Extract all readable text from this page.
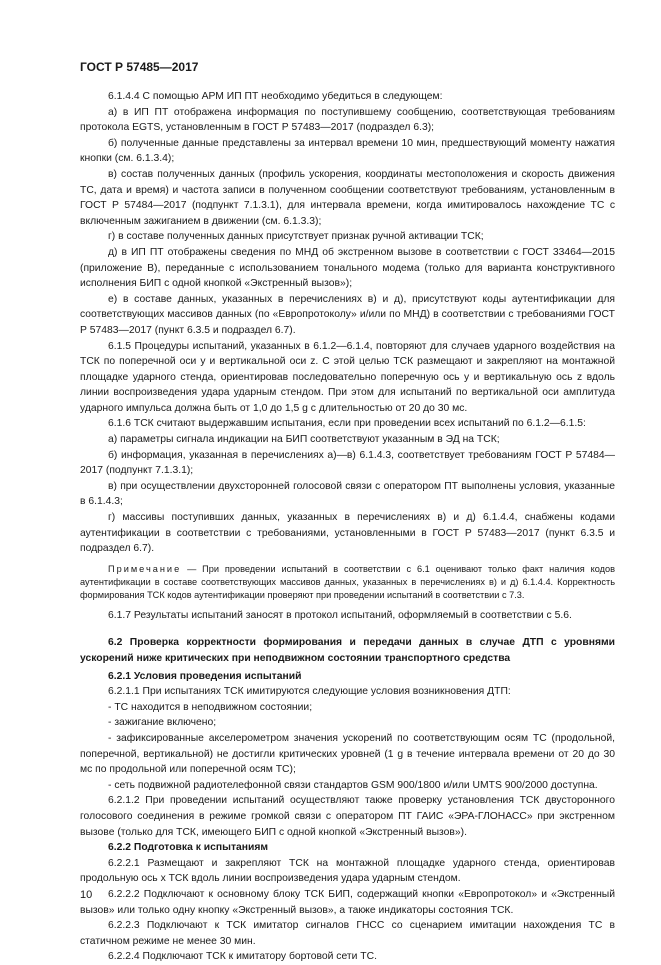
ГОСТ Р 57485—2017

6.1.4.4 С помощью АРМ ИП ПТ необходимо убедиться в следующем:

а) в ИП ПТ отображена информация по поступившему сообщению, соответствующая требованиям протокола EGTS, установленным в ГОСТ Р 57483—2017 (подраздел 6.3);

б) полученные данные представлены за интервал времени 10 мин, предшествующий моменту нажатия кнопки (см. 6.1.3.4);

в) состав полученных данных (профиль ускорения, координаты местоположения и скорость движения ТС, дата и время) и частота записи в полученном сообщении соответствуют требованиям, установленным в ГОСТ Р 57484—2017 (подпункт 7.1.3.1), для интервала времени, когда имитировалось нахождение ТС с включенным зажиганием в движении (см. 6.1.3.3);

г) в составе полученных данных присутствует признак ручной активации ТСК;

д) в ИП ПТ отображены сведения по МНД об экстренном вызове в соответствии с ГОСТ 33464—2015 (приложение В), переданные с использованием тонального модема (только для варианта конструктивного исполнения БИП с одной кнопкой «Экстренный вызов»);

е) в составе данных, указанных в перечислениях в) и д), присутствуют коды аутентификации для соответствующих массивов данных (по «Европротоколу» и/или по МНД) в соответствии с требованиями ГОСТ Р 57483—2017 (пункт 6.3.5 и подраздел 6.7).

6.1.5 Процедуры испытаний, указанных в 6.1.2—6.1.4, повторяют для случаев ударного воздействия на ТСК по поперечной оси y и вертикальной оси z. С этой целью ТСК размещают и закрепляют на монтажной площадке ударного стенда, ориентировав последовательно поперечную ось y и вертикальную ось z вдоль линии воспроизведения удара ударным стендом. При этом для испытаний по вертикальной оси амплитуда ударного импульса должна быть от 1,0 до 1,5 g с длительностью от 20 до 30 мс.

6.1.6 ТСК считают выдержавшим испытания, если при проведении всех испытаний по 6.1.2—6.1.5:

а) параметры сигнала индикации на БИП соответствуют указанным в ЭД на ТСК;

б) информация, указанная в перечислениях а)—в) 6.1.4.3, соответствует требованиям ГОСТ Р 57484—2017 (подпункт 7.1.3.1);

в) при осуществлении двухсторонней голосовой связи с оператором ПТ выполнены условия, указанные в 6.1.4.3;

г) массивы поступивших данных, указанных в перечислениях в) и д) 6.1.4.4, снабжены кодами аутентификации в соответствии с требованиями, установленными в ГОСТ Р 57483—2017 (пункт 6.3.5 и подраздел 6.7).

Примечание — При проведении испытаний в соответствии с 6.1 оценивают только факт наличия кодов аутентификации в составе соответствующих массивов данных, указанных в перечислениях в) и д) 6.1.4.4. Корректность формирования ТСК кодов аутентификации проверяют при проведении испытаний в соответствии с 7.3.

6.1.7 Результаты испытаний заносят в протокол испытаний, оформляемый в соответствии с 5.6.

6.2 Проверка корректности формирования и передачи данных в случае ДТП с уровнями ускорений ниже критических при неподвижном состоянии транспортного средства

6.2.1 Условия проведения испытаний

6.2.1.1 При испытаниях ТСК имитируются следующие условия возникновения ДТП:

- ТС находится в неподвижном состоянии;

- зажигание включено;

- зафиксированные акселерометром значения ускорений по соответствующим осям ТС (продольной, поперечной, вертикальной) не достигли критических уровней (1 g в течение интервала времени от 20 до 30 мс по продольной или поперечной осям ТС);

- сеть подвижной радиотелефонной связи стандартов GSM 900/1800 и/или UMTS 900/2000 доступна.

6.2.1.2 При проведении испытаний осуществляют также проверку установления ТСК двусторонного голосового соединения в режиме громкой связи с оператором ПТ ГАИС «ЭРА-ГЛОНАСС» при экстренном вызове (только для ТСК, имеющего БИП с одной кнопкой «Экстренный вызов»).

6.2.2 Подготовка к испытаниям

6.2.2.1 Размещают и закрепляют ТСК на монтажной площадке ударного стенда, ориентировав продольную ось x ТСК вдоль линии воспроизведения удара ударным стендом.

6.2.2.2 Подключают к основному блоку ТСК БИП, содержащий кнопки «Европротокол» и «Экстренный вызов» или только одну кнопку «Экстренный вызов», а также индикаторы состояния ТСК.

6.2.2.3 Подключают к ТСК имитатор сигналов ГНСС со сценарием имитации нахождения ТС в статичном режиме не менее 30 мин.

6.2.2.4 Подключают ТСК к имитатору бортовой сети ТС.

10
